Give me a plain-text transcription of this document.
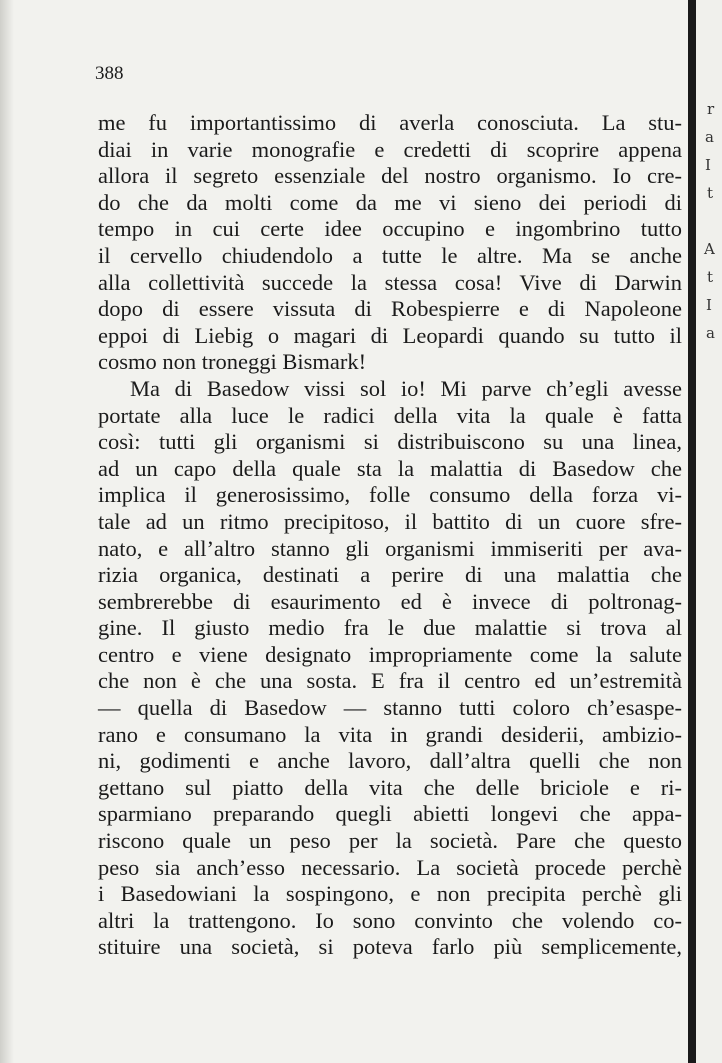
388

me fu importantissimo di averla conosciuta. La stu-
diai in varie monografie e credetti di scoprire appena
allora il segreto essenziale del nostro organismo. Io cre-
do che da molti come da me vi sieno dei periodi di
tempo in cui certe idee occupino e ingombrino tutto
il cervello chiudendolo a tutte le altre. Ma se anche
alla collettività succede la stessa cosa! Vive di Darwin
dopo di essere vissuta di Robespierre e di Napoleone
eppoi di Liebig o magari di Leopardi quando su tutto il
cosmo non troneggi Bismark!
Ma di Basedow vissi sol io! Mi parve ch’egli avesse
portate alla luce le radici della vita la quale è fatta
così: tutti gli organismi si distribuiscono su una linea,
ad un capo della quale sta la malattia di Basedow che
implica il generosissimo, folle consumo della forza vi-
tale ad un ritmo precipitoso, il battito di un cuore sfre-
nato, e all’altro stanno gli organismi immiseriti per ava-
rizia organica, destinati a perire di una malattia che
sembrerebbe di esaurimento ed è invece di poltronag-
gine. Il giusto medio fra le due malattie si trova al
centro e viene designato impropriamente come la salute
che non è che una sosta. E fra il centro ed un’estremità
— quella di Basedow — stanno tutti coloro ch’esaspe-
rano e consumano la vita in grandi desiderii, ambizio-
ni, godimenti e anche lavoro, dall’altra quelli che non
gettano sul piatto della vita che delle briciole e ri-
sparmiano preparando quegli abietti longevi che appa-
riscono quale un peso per la società. Pare che questo
peso sia anch’esso necessario. La società procede perchè
i Basedowiani la sospingono, e non precipita perchè gli
altri la trattengono. Io sono convinto che volendo co-
stituire una società, si poteva farlo più semplicemente,
r
a
I
t
A
t
I
a
